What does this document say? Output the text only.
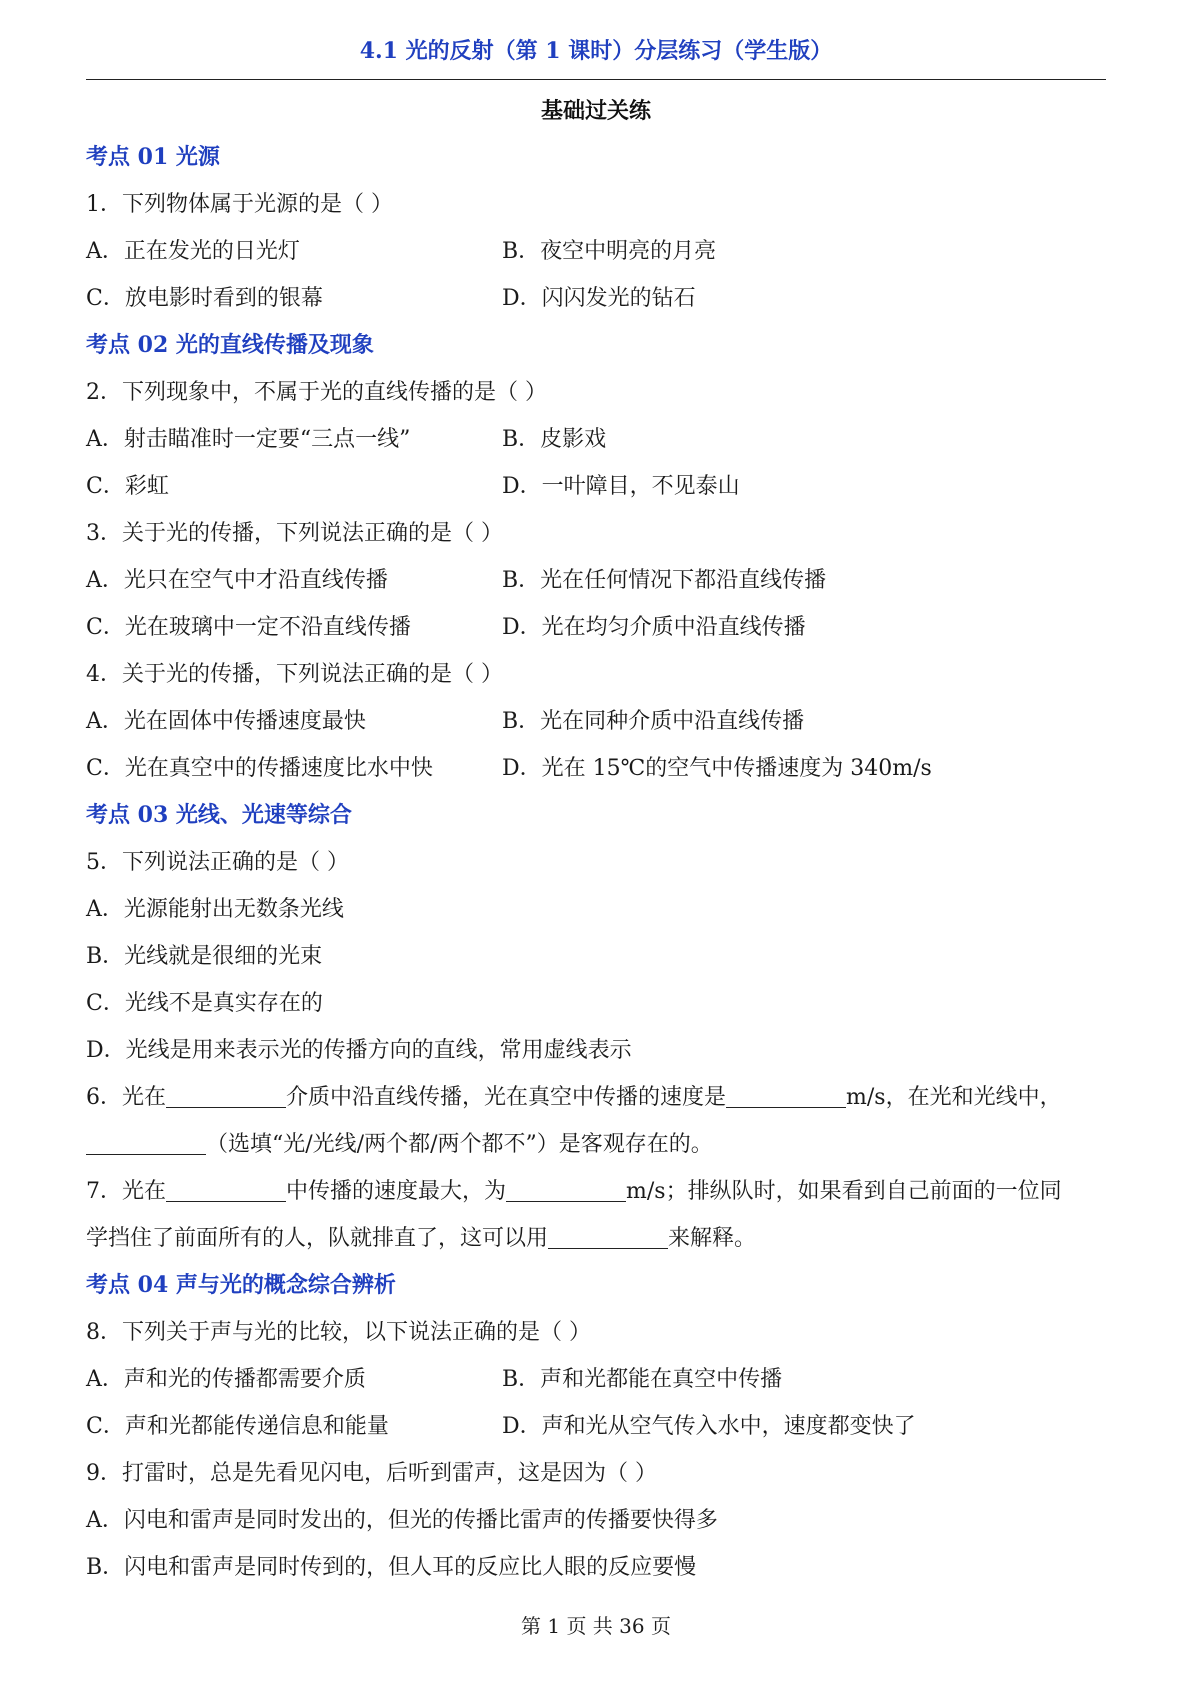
4.1 光的反射（第 1 课时）分层练习（学生版）
基础过关练
考点 01 光源
1．下列物体属于光源的是（ ）
A．正在发光的日光灯	B．夜空中明亮的月亮
C．放电影时看到的银幕	D．闪闪发光的钻石
考点 02 光的直线传播及现象
2．下列现象中，不属于光的直线传播的是（ ）
A．射击瞄准时一定要“三点一线”	B．皮影戏
C．彩虹	D．一叶障目，不见泰山
3．关于光的传播，下列说法正确的是（ ）
A．光只在空气中才沿直线传播	B．光在任何情况下都沿直线传播
C．光在玻璃中一定不沿直线传播	D．光在均匀介质中沿直线传播
4．关于光的传播，下列说法正确的是（ ）
A．光在固体中传播速度最快	B．光在同种介质中沿直线传播
C．光在真空中的传播速度比水中快	D．光在 15℃的空气中传播速度为 340m/s
考点 03 光线、光速等综合
5．下列说法正确的是（ ）
A．光源能射出无数条光线
B．光线就是很细的光束
C．光线不是真实存在的
D．光线是用来表示光的传播方向的直线，常用虚线表示
6．光在	介质中沿直线传播，光在真空中传播的速度是	m/s，在光和光线中，
（选填“光/光线/两个都/两个都不”）是客观存在的。
7．光在	中传播的速度最大，为	m/s；排纵队时，如果看到自己前面的一位同
学挡住了前面所有的人，队就排直了，这可以用	来解释。
考点 04 声与光的概念综合辨析
8．下列关于声与光的比较，以下说法正确的是（ ）
A．声和光的传播都需要介质	B．声和光都能在真空中传播
C．声和光都能传递信息和能量	D．声和光从空气传入水中，速度都变快了
9．打雷时，总是先看见闪电，后听到雷声，这是因为（ ）
A．闪电和雷声是同时发出的，但光的传播比雷声的传播要快得多
B．闪电和雷声是同时传到的，但人耳的反应比人眼的反应要慢
第 1 页 共 36 页
